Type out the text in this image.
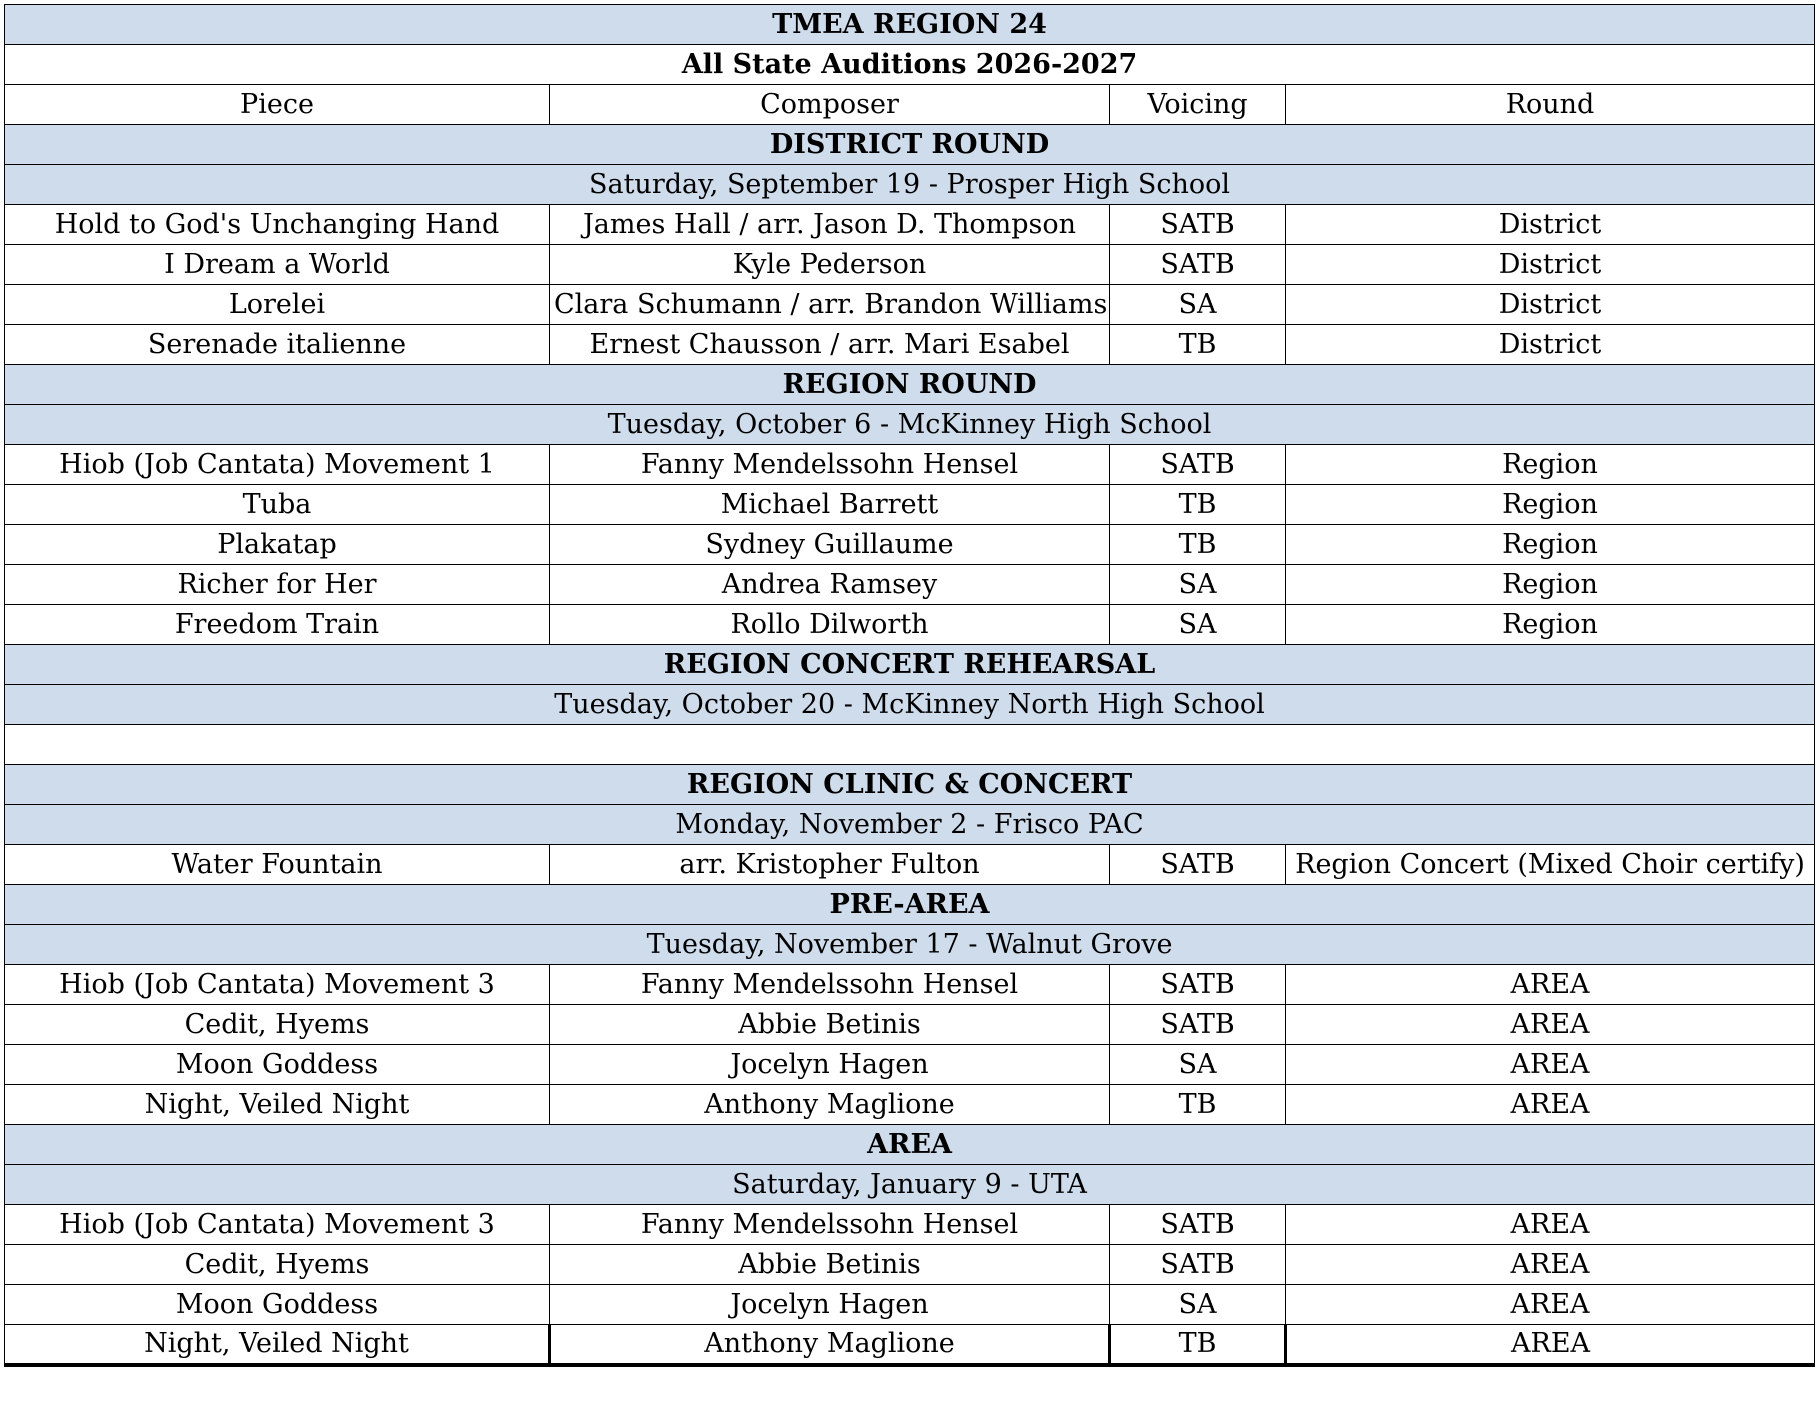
TMEA REGION 24			
All State Auditions 2026-2027			
Piece	Composer	Voicing	Round
DISTRICT ROUND			
Saturday, September 19 - Prosper High School			
Hold to God's Unchanging Hand	James Hall / arr. Jason D. Thompson	SATB	District
I Dream a World	Kyle Pederson	SATB	District
Lorelei	Clara Schumann / arr. Brandon Williams	SA	District
Serenade italienne	Ernest Chausson / arr. Mari Esabel	TB	District
REGION ROUND			
Tuesday, October 6 - McKinney High School			
Hiob (Job Cantata) Movement 1	Fanny Mendelssohn Hensel	SATB	Region
Tuba	Michael Barrett	TB	Region
Plakatap	Sydney Guillaume	TB	Region
Richer for Her	Andrea Ramsey	SA	Region
Freedom Train	Rollo Dilworth	SA	Region
REGION CONCERT REHEARSAL			
Tuesday, October 20 - McKinney North High School			

REGION CLINIC & CONCERT			
Monday, November 2 - Frisco PAC			
Water Fountain	arr. Kristopher Fulton	SATB	Region Concert (Mixed Choir certify)
PRE-AREA			
Tuesday, November 17 - Walnut Grove			
Hiob (Job Cantata) Movement 3	Fanny Mendelssohn Hensel	SATB	AREA
Cedit, Hyems	Abbie Betinis	SATB	AREA
Moon Goddess	Jocelyn Hagen	SA	AREA
Night, Veiled Night	Anthony Maglione	TB	AREA
AREA			
Saturday, January 9 - UTA			
Hiob (Job Cantata) Movement 3	Fanny Mendelssohn Hensel	SATB	AREA
Cedit, Hyems	Abbie Betinis	SATB	AREA
Moon Goddess	Jocelyn Hagen	SA	AREA
Night, Veiled Night	Anthony Maglione	TB	AREA
